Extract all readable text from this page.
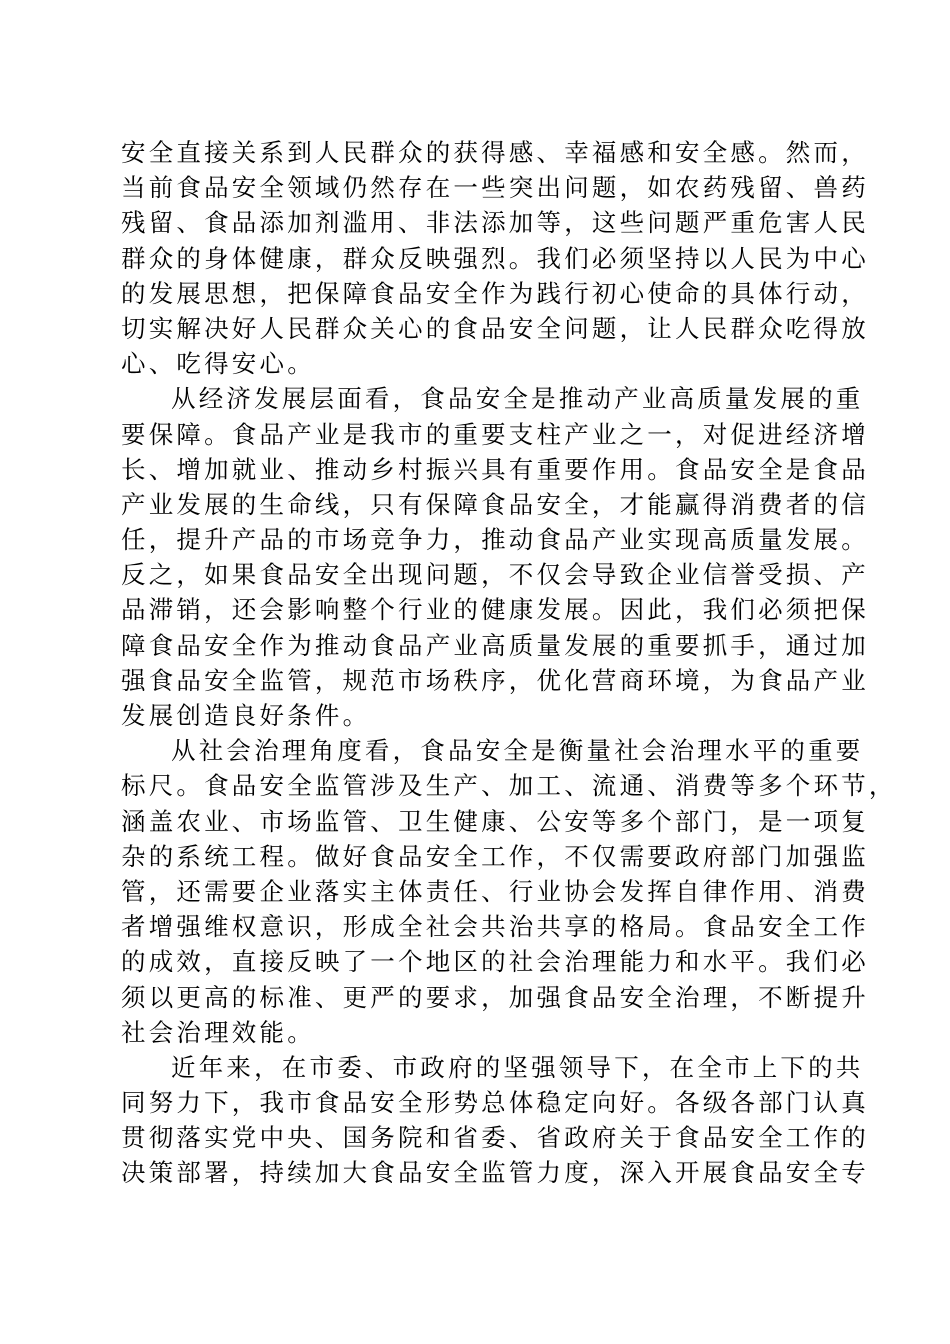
安全直接关系到人民群众的获得感、幸福感和安全感。然而，
当前食品安全领域仍然存在一些突出问题，如农药残留、兽药
残留、食品添加剂滥用、非法添加等，这些问题严重危害人民
群众的身体健康，群众反映强烈。我们必须坚持以人民为中心
的发展思想，把保障食品安全作为践行初心使命的具体行动，
切实解决好人民群众关心的食品安全问题，让人民群众吃得放
心、吃得安心。
从经济发展层面看，食品安全是推动产业高质量发展的重
要保障。食品产业是我市的重要支柱产业之一，对促进经济增
长、增加就业、推动乡村振兴具有重要作用。食品安全是食品
产业发展的生命线，只有保障食品安全，才能赢得消费者的信
任，提升产品的市场竞争力，推动食品产业实现高质量发展。
反之，如果食品安全出现问题，不仅会导致企业信誉受损、产
品滞销，还会影响整个行业的健康发展。因此，我们必须把保
障食品安全作为推动食品产业高质量发展的重要抓手，通过加
强食品安全监管，规范市场秩序，优化营商环境，为食品产业
发展创造良好条件。
从社会治理角度看，食品安全是衡量社会治理水平的重要
标尺。食品安全监管涉及生产、加工、流通、消费等多个环节，
涵盖农业、市场监管、卫生健康、公安等多个部门，是一项复
杂的系统工程。做好食品安全工作，不仅需要政府部门加强监
管，还需要企业落实主体责任、行业协会发挥自律作用、消费
者增强维权意识，形成全社会共治共享的格局。食品安全工作
的成效，直接反映了一个地区的社会治理能力和水平。我们必
须以更高的标准、更严的要求，加强食品安全治理，不断提升
社会治理效能。
近年来，在市委、市政府的坚强领导下，在全市上下的共
同努力下，我市食品安全形势总体稳定向好。各级各部门认真
贯彻落实党中央、国务院和省委、省政府关于食品安全工作的
决策部署，持续加大食品安全监管力度，深入开展食品安全专
